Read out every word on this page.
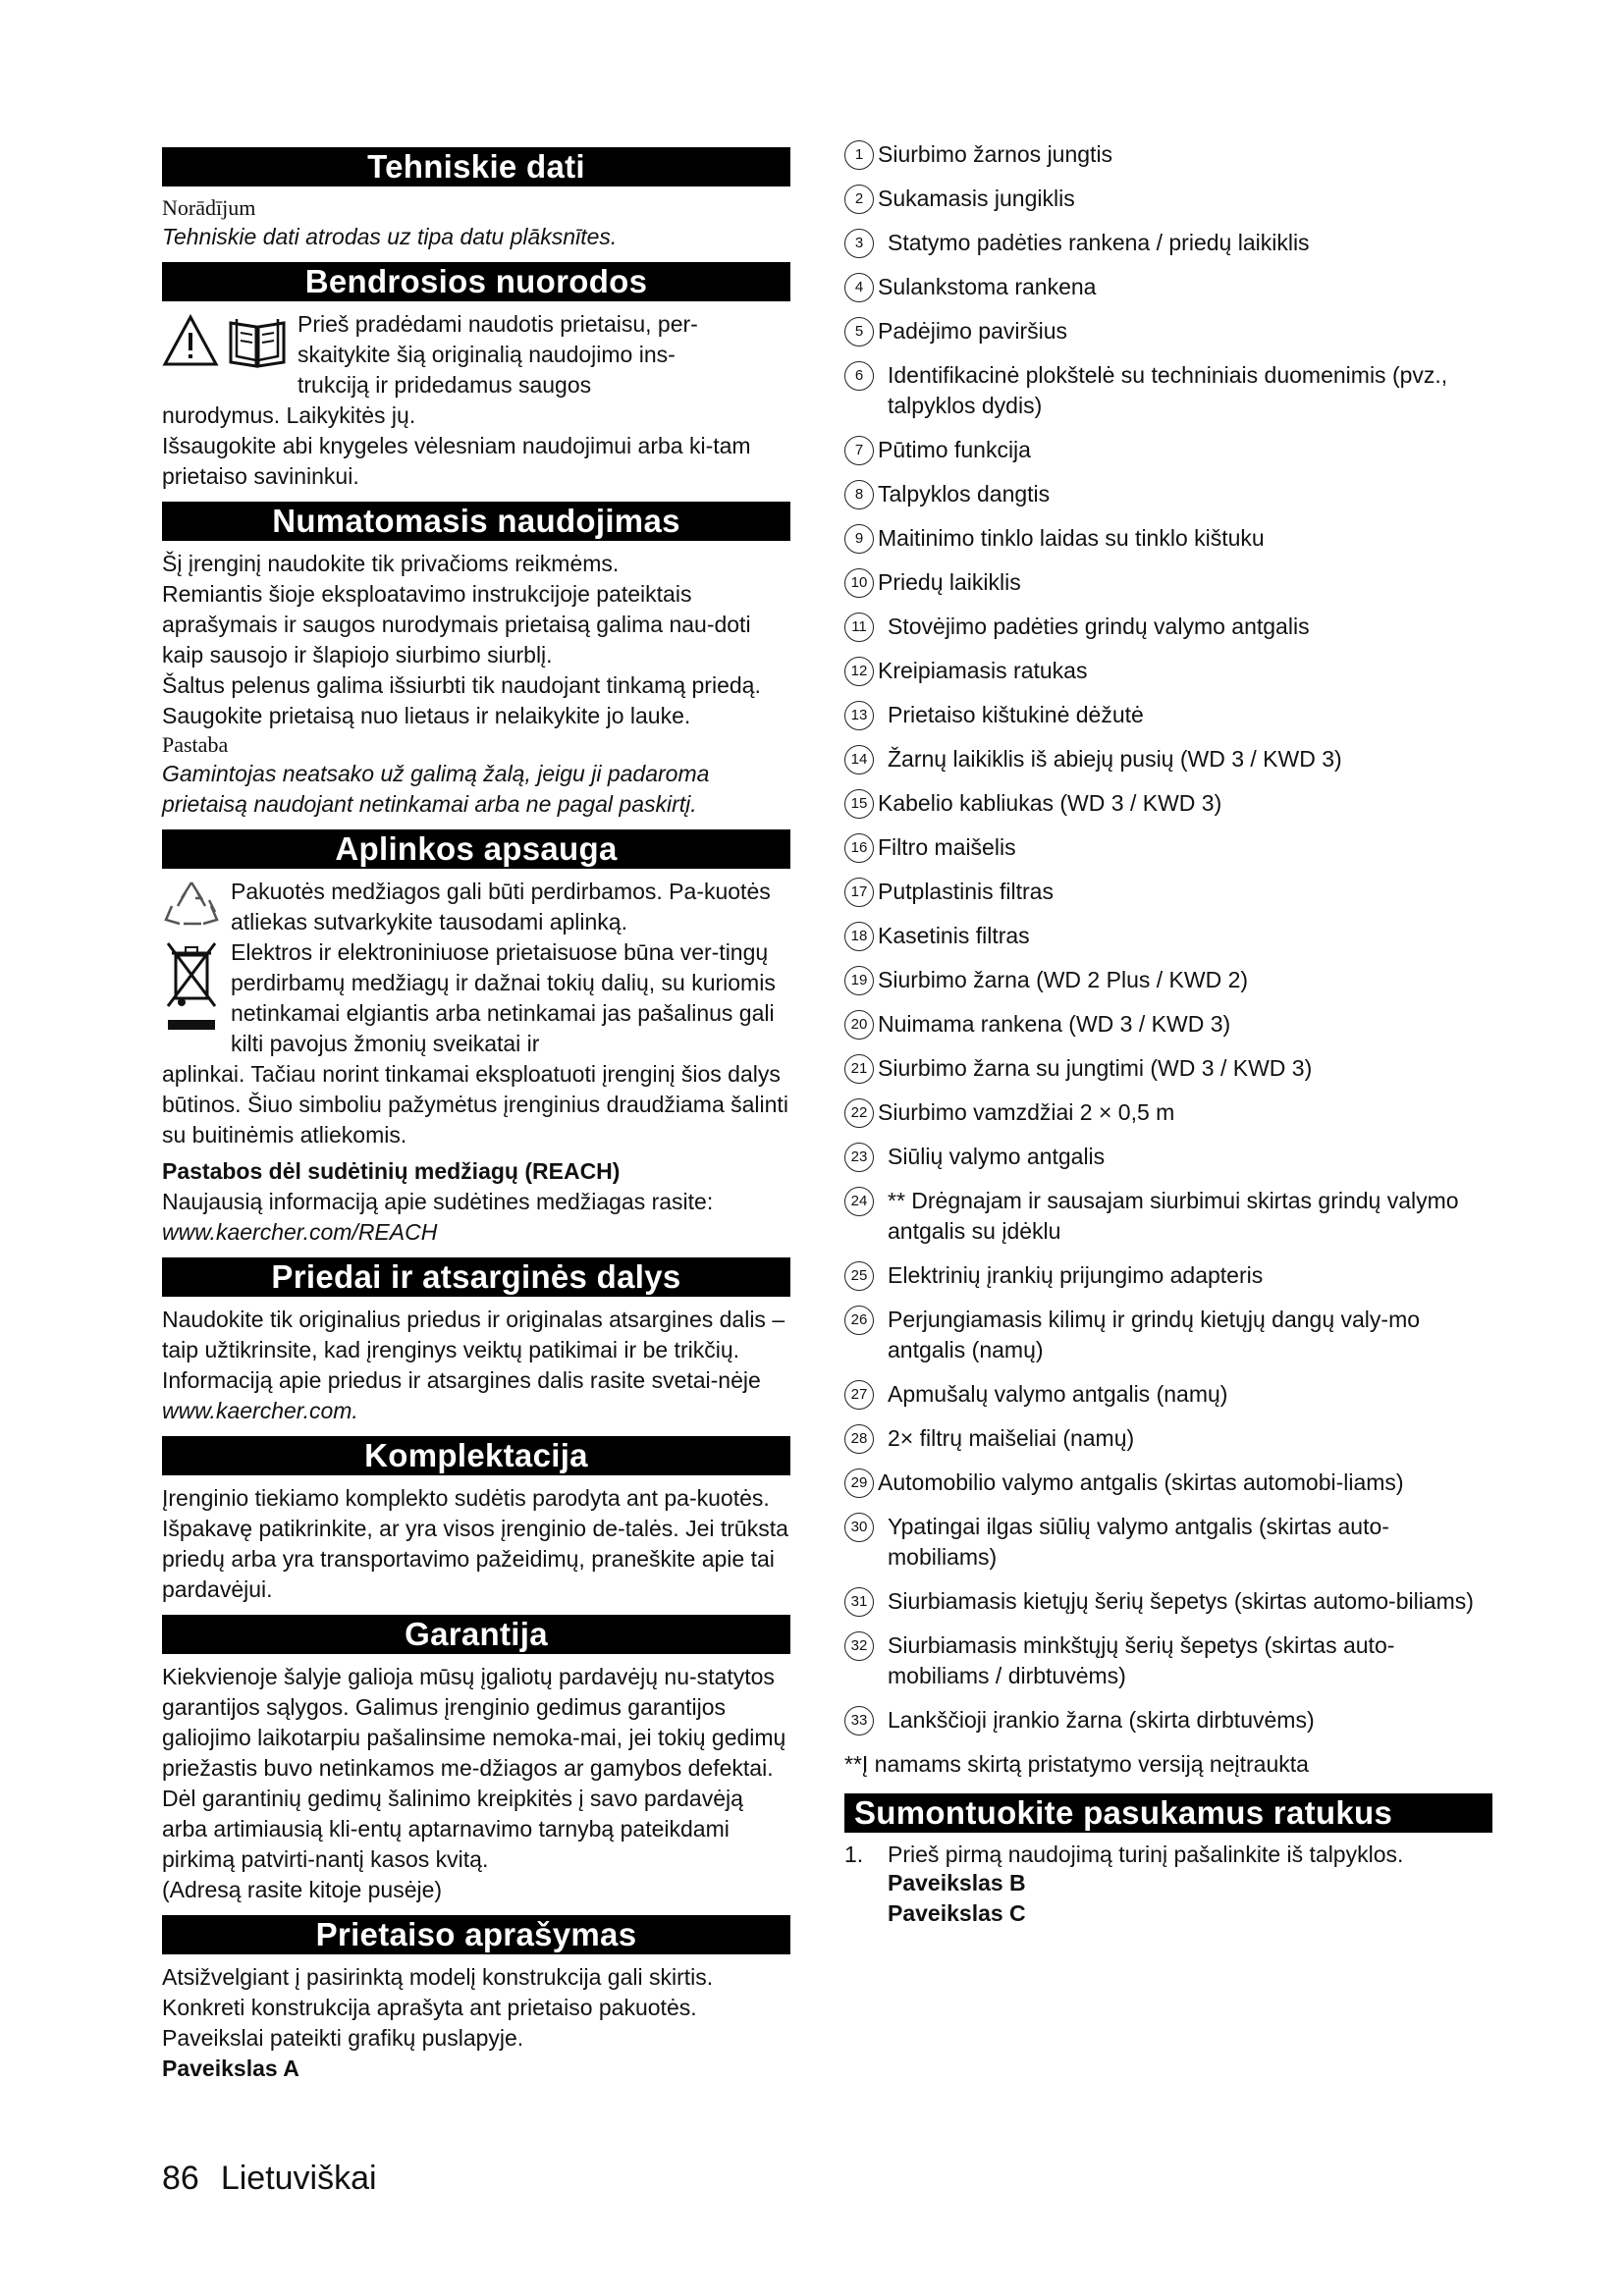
Tehniskie dati

Norādījum

Tehniskie dati atrodas uz tipa datu plāksnītes.

Bendrosios nuorodos

Prieš pradėdami naudotis prietaisu, per-

skaitykite šią originalią naudojimo ins-

trukciją ir pridedamus saugos

nurodymus. Laikykitės jų.

Išsaugokite abi knygeles vėlesniam naudojimui arba ki-tam prietaiso savininkui.

Numatomasis naudojimas

Šį įrenginį naudokite tik privačioms reikmėms.

Remiantis šioje eksploatavimo instrukcijoje pateiktais aprašymais ir saugos nurodymais prietaisą galima nau-doti kaip sausojo ir šlapiojo siurbimo siurblį.

Šaltus pelenus galima išsiurbti tik naudojant tinkamą priedą.

Saugokite prietaisą nuo lietaus ir nelaikykite jo lauke.

Pastaba

Gamintojas neatsako už galimą žalą, jeigu ji padaroma prietaisą naudojant netinkamai arba ne pagal paskirtį.

Aplinkos apsauga

Pakuotės medžiagos gali būti perdirbamos. Pa-kuotės atliekas sutvarkykite tausodami aplinką.

Elektros ir elektroniniuose prietaisuose būna ver-tingų perdirbamų medžiagų ir dažnai tokių dalių, su kuriomis netinkamai elgiantis arba netinkamai jas pašalinus gali kilti pavojus žmonių sveikatai ir

aplinkai. Tačiau norint tinkamai eksploatuoti įrenginį šios dalys būtinos. Šiuo simboliu pažymėtus įrenginius draudžiama šalinti su buitinėmis atliekomis.

Pastabos dėl sudėtinių medžiagų (REACH)

Naujausią informaciją apie sudėtines medžiagas rasite:

www.kaercher.com/REACH

Priedai ir atsarginės dalys

Naudokite tik originalius priedus ir originalas atsargines dalis – taip užtikrinsite, kad įrenginys veiktų patikimai ir be trikčių.

Informaciją apie priedus ir atsargines dalis rasite svetai-nėje www.kaercher.com.

Komplektacija

Įrenginio tiekiamo komplekto sudėtis parodyta ant pa-kuotės. Išpakavę patikrinkite, ar yra visos įrenginio de-talės. Jei trūksta priedų arba yra transportavimo pažeidimų, praneškite apie tai pardavėjui.

Garantija

Kiekvienoje šalyje galioja mūsų įgaliotų pardavėjų nu-statytos garantijos sąlygos. Galimus įrenginio gedimus garantijos galiojimo laikotarpiu pašalinsime nemoka-mai, jei tokių gedimų priežastis buvo netinkamos me-džiagos ar gamybos defektai. Dėl garantinių gedimų šalinimo kreipkitės į savo pardavėją arba artimiausią kli-entų aptarnavimo tarnybą pateikdami pirkimą patvirti-nantį kasos kvitą.

(Adresą rasite kitoje pusėje)

Prietaiso aprašymas

Atsižvelgiant į pasirinktą modelį konstrukcija gali skirtis. Konkreti konstrukcija aprašyta ant prietaiso pakuotės.

Paveikslai pateikti grafikų puslapyje.

Paveikslas A

1 Siurbimo žarnos jungtis
2 Sukamasis jungiklis
3	Statymo padėties rankena / priedų laikiklis
4 Sulankstoma rankena
5 Padėjimo paviršius
6	Identifikacinė plokštelė su techniniais duomenimis (pvz., talpyklos dydis)
7 Pūtimo funkcija
8 Talpyklos dangtis
9 Maitinimo tinklo laidas su tinklo kištuku
10 Priedų laikiklis
11 Stovėjimo padėties grindų valymo antgalis
12 Kreipiamasis ratukas
13 Prietaiso kištukinė dėžutė
14 Žarnų laikiklis iš abiejų pusių (WD 3 / KWD 3)
15 Kabelio kabliukas (WD 3 / KWD 3)
16 Filtro maišelis
17 Putplastinis filtras
18 Kasetinis filtras
19 Siurbimo žarna (WD 2 Plus / KWD 2)
20 Nuimama rankena (WD 3 / KWD 3)
21 Siurbimo žarna su jungtimi (WD 3 / KWD 3)
22 Siurbimo vamzdžiai 2 × 0,5 m
23 Siūlių valymo antgalis
24 ** Drėgnajam ir sausajam siurbimui skirtas grindų valymo antgalis su įdėklu
25 Elektrinių įrankių prijungimo adapteris
26 Perjungiamasis kilimų ir grindų kietųjų dangų valy-mo antgalis (namų)
27 Apmušalų valymo antgalis (namų)
28 2× filtrų maišeliai (namų)
29 Automobilio valymo antgalis (skirtas automobi-liams)
30 Ypatingai ilgas siūlių valymo antgalis (skirtas auto-mobiliams)
31 Siurbiamasis kietųjų šerių šepetys (skirtas automo-biliams)
32 Siurbiamasis minkštųjų šerių šepetys (skirtas auto-mobiliams / dirbtuvėms)
33 Lankščioji įrankio žarna (skirta dirbtuvėms)

**Į namams skirtą pristatymo versiją neįtraukta

Sumontuokite pasukamus ratukus
1.	Prieš pirmą naudojimą turinį pašalinkite iš talpyklos.

Paveikslas B

Paveikslas C

86 Lietuviškai
